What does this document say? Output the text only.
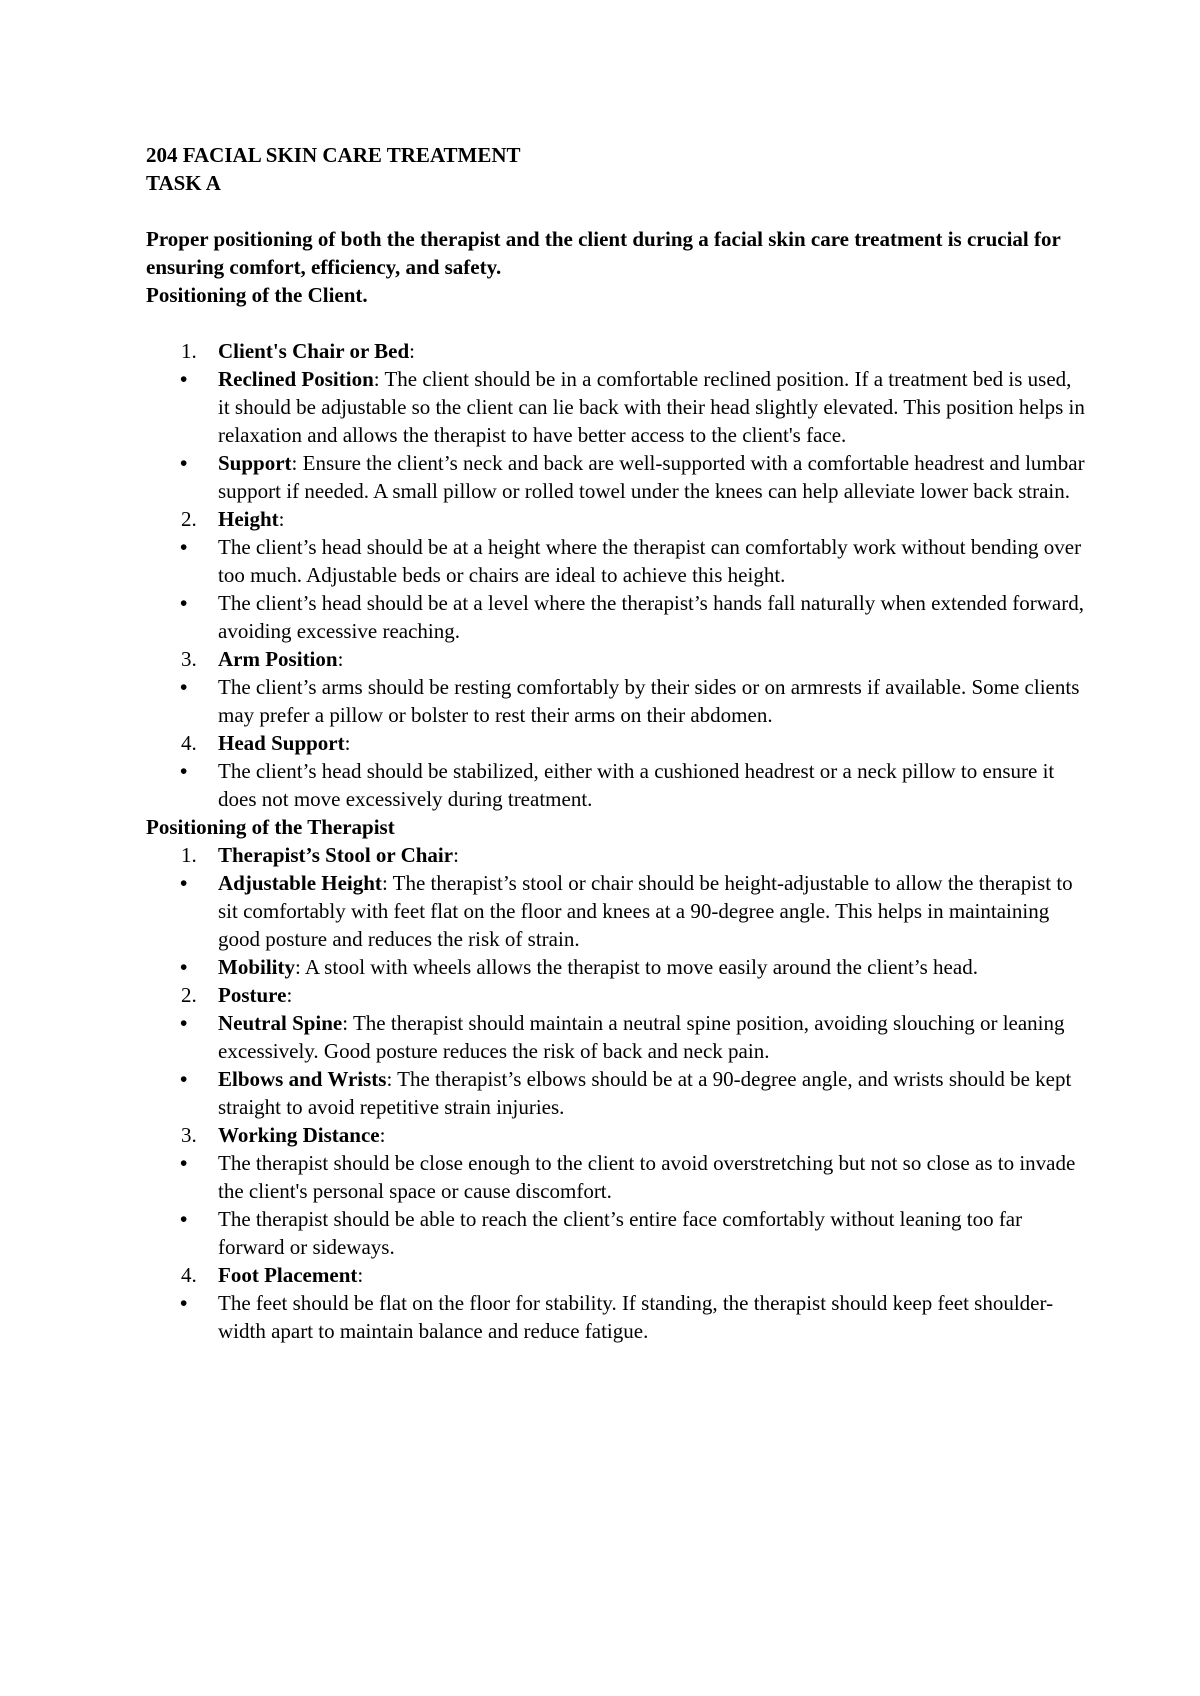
204 FACIAL SKIN CARE TREATMENT

TASK A

Proper positioning of both the therapist and the client during a facial skin care treatment is crucial for ensuring comfort, efficiency, and safety.

Positioning of the Client.

1. Client's Chair or Bed:
• Reclined Position: The client should be in a comfortable reclined position. If a treatment bed is used, it should be adjustable so the client can lie back with their head slightly elevated. This position helps in relaxation and allows the therapist to have better access to the client's face.
• Support: Ensure the client’s neck and back are well-supported with a comfortable headrest and lumbar support if needed. A small pillow or rolled towel under the knees can help alleviate lower back strain.
2. Height:
• The client’s head should be at a height where the therapist can comfortably work without bending over too much. Adjustable beds or chairs are ideal to achieve this height.
• The client’s head should be at a level where the therapist’s hands fall naturally when extended forward, avoiding excessive reaching.
3. Arm Position:
• The client’s arms should be resting comfortably by their sides or on armrests if available. Some clients may prefer a pillow or bolster to rest their arms on their abdomen.
4. Head Support:
• The client’s head should be stabilized, either with a cushioned headrest or a neck pillow to ensure it does not move excessively during treatment.

Positioning of the Therapist

1. Therapist’s Stool or Chair:
• Adjustable Height: The therapist’s stool or chair should be height-adjustable to allow the therapist to sit comfortably with feet flat on the floor and knees at a 90-degree angle. This helps in maintaining good posture and reduces the risk of strain.
• Mobility: A stool with wheels allows the therapist to move easily around the client’s head.
2. Posture:
• Neutral Spine: The therapist should maintain a neutral spine position, avoiding slouching or leaning excessively. Good posture reduces the risk of back and neck pain.
• Elbows and Wrists: The therapist’s elbows should be at a 90-degree angle, and wrists should be kept straight to avoid repetitive strain injuries.
3. Working Distance:
• The therapist should be close enough to the client to avoid overstretching but not so close as to invade the client's personal space or cause discomfort.
• The therapist should be able to reach the client’s entire face comfortably without leaning too far forward or sideways.
4. Foot Placement:
• The feet should be flat on the floor for stability. If standing, the therapist should keep feet shoulder-width apart to maintain balance and reduce fatigue.
